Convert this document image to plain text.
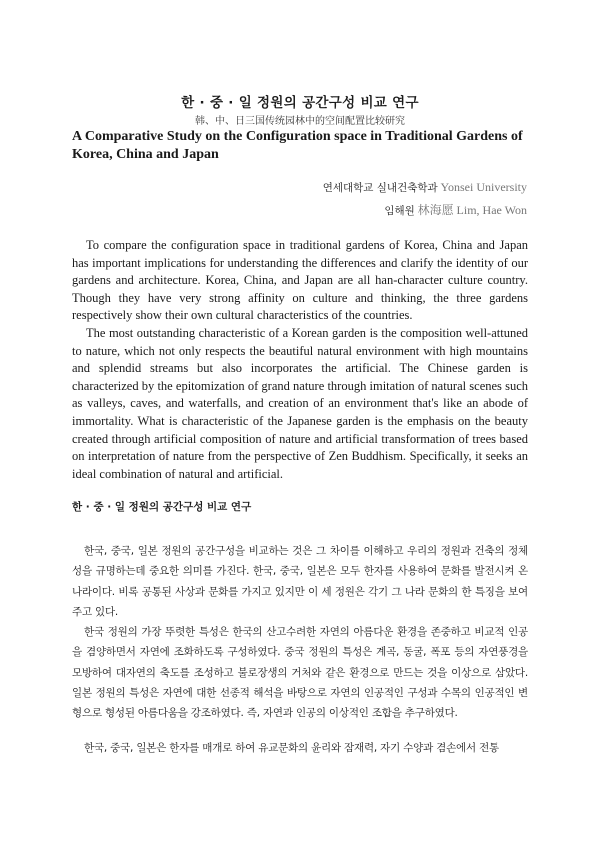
한 · 중 · 일 정원의 공간구성 비교 연구
韩、中、日三国传统园林中的空间配置比较研究
A Comparative Study on the Configuration space in Traditional Gardens of Korea, China and Japan
연세대학교 실내건축학과 Yonsei University
임해원 林海愿 Lim, Hae Won

To compare the configuration space in traditional gardens of Korea, China and Japan has important implications for understanding the differences and clarify the identity of our gardens and architecture. Korea, China, and Japan are all han-character culture country. Though they have very strong affinity on culture and thinking, the three gardens respectively show their own cultural characteristics of the countries.

The most outstanding characteristic of a Korean garden is the composition well-attuned to nature, which not only respects the beautiful natural environment with high mountains and splendid streams but also incorporates the artificial. The Chinese garden is characterized by the epitomization of grand nature through imitation of natural scenes such as valleys, caves, and waterfalls, and creation of an environment that's like an abode of immortality. What is characteristic of the Japanese garden is the emphasis on the beauty created through artificial composition of nature and artificial transformation of trees based on interpretation of nature from the perspective of Zen Buddhism. Specifically, it seeks an ideal combination of natural and artificial.

한 · 중 · 일 정원의 공간구성 비교 연구

한국, 중국, 일본 정원의 공간구성을 비교하는 것은 그 차이를 이해하고 우리의 정원과 건축의 정체성을 규명하는데 중요한 의미를 가진다. 한국, 중국, 일본은 모두 한자를 사용하여 문화를 발전시켜 온 나라이다. 비록 공통된 사상과 문화를 가지고 있지만 이 세 정원은 각기 그 나라 문화의 한 특징을 보여주고 있다.

한국 정원의 가장 뚜렷한 특성은 한국의 산고수려한 자연의 아름다운 환경을 존중하고 비교적 인공을 겸양하면서 자연에 조화하도록 구성하였다. 중국 정원의 특성은 계곡, 동굴, 폭포 등의 자연풍경을 모방하여 대자연의 축도를 조성하고 불로장생의 거처와 같은 환경으로 만드는 것을 이상으로 삼았다. 일본 정원의 특성은 자연에 대한 선종적 해석을 바탕으로 자연의 인공적인 구성과 수목의 인공적인 변형으로 형성된 아름다움을 강조하였다. 즉, 자연과 인공의 이상적인 조합을 추구하였다.

한국, 중국, 일본은 한자를 매개로 하여 유교문화의 윤리와 잠재력, 자기 수양과 겸손에서 전통
